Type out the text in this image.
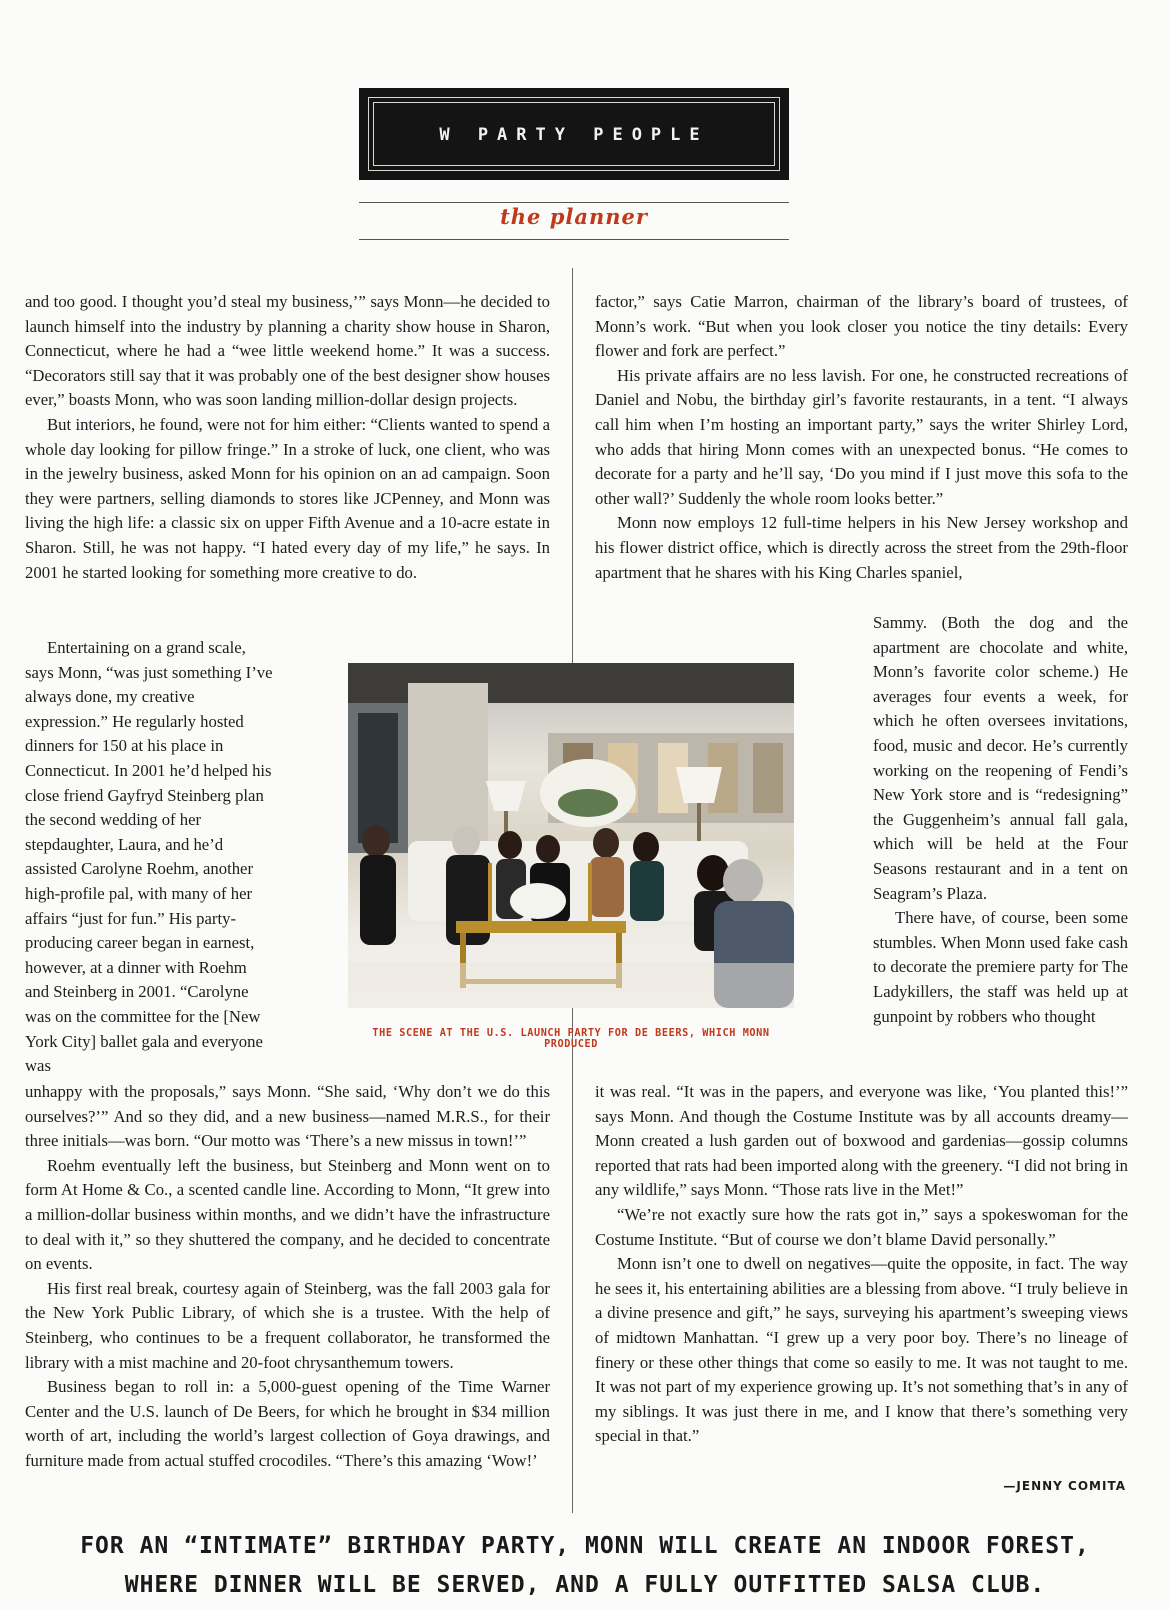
W PARTY PEOPLE
the planner

and too good. I thought you’d steal my business,’” says Monn—he decided to launch himself into the industry by planning a charity show house in Sharon, Connecticut, where he had a “wee little weekend home.” It was a success. “Decorators still say that it was probably one of the best designer show houses ever,” boasts Monn, who was soon landing million-dollar design projects.

But interiors, he found, were not for him either: “Clients wanted to spend a whole day looking for pillow fringe.” In a stroke of luck, one client, who was in the jewelry business, asked Monn for his opinion on an ad campaign. Soon they were partners, selling diamonds to stores like JCPenney, and Monn was living the high life: a classic six on upper Fifth Avenue and a 10-acre estate in Sharon. Still, he was not happy. “I hated every day of my life,” he says. In 2001 he started looking for something more creative to do.

Entertaining on a grand scale, says Monn, “was just something I’ve always done, my creative expression.” He regularly hosted dinners for 150 at his place in Connecticut. In 2001 he’d helped his close friend Gayfryd Steinberg plan the second wedding of her stepdaughter, Laura, and he’d assisted Carolyne Roehm, another high-profile pal, with many of her affairs “just for fun.” His party-producing career began in earnest, however, at a dinner with Roehm and Steinberg in 2001. “Carolyne was on the committee for the [New York City] ballet gala and everyone was

unhappy with the proposals,” says Monn. “She said, ‘Why don’t we do this ourselves?’” And so they did, and a new business—named M.R.S., for their three initials—was born. “Our motto was ‘There’s a new missus in town!’”

Roehm eventually left the business, but Steinberg and Monn went on to form At Home & Co., a scented candle line. According to Monn, “It grew into a million-dollar business within months, and we didn’t have the infrastructure to deal with it,” so they shuttered the company, and he decided to concentrate on events.

His first real break, courtesy again of Steinberg, was the fall 2003 gala for the New York Public Library, of which she is a trustee. With the help of Steinberg, who continues to be a frequent collaborator, he transformed the library with a mist machine and 20-foot chrysanthemum towers.

Business began to roll in: a 5,000-guest opening of the Time Warner Center and the U.S. launch of De Beers, for which he brought in $34 million worth of art, including the world’s largest collection of Goya drawings, and furniture made from actual stuffed crocodiles. “There’s this amazing ‘Wow!’

factor,” says Catie Marron, chairman of the library’s board of trustees, of Monn’s work. “But when you look closer you notice the tiny details: Every flower and fork are perfect.”

His private affairs are no less lavish. For one, he constructed recreations of Daniel and Nobu, the birthday girl’s favorite restaurants, in a tent. “I always call him when I’m hosting an important party,” says the writer Shirley Lord, who adds that hiring Monn comes with an unexpected bonus. “He comes to decorate for a party and he’ll say, ‘Do you mind if I just move this sofa to the other wall?’ Suddenly the whole room looks better.”

Monn now employs 12 full-time helpers in his New Jersey workshop and his flower district office, which is directly across the street from the 29th-floor apartment that he shares with his King Charles spaniel,

Sammy. (Both the dog and the apartment are chocolate and white, Monn’s favorite color scheme.) He averages four events a week, for which he often oversees invitations, food, music and decor. He’s currently working on the reopening of Fendi’s New York store and is “redesigning” the Guggenheim’s annual fall gala, which will be held at the Four Seasons restaurant and in a tent on Seagram’s Plaza.

There have, of course, been some stumbles. When Monn used fake cash to decorate the premiere party for The Ladykillers, the staff was held up at gunpoint by robbers who thought

it was real. “It was in the papers, and everyone was like, ‘You planted this!’” says Monn. And though the Costume Institute was by all accounts dreamy—Monn created a lush garden out of boxwood and gardenias—gossip columns reported that rats had been imported along with the greenery. “I did not bring in any wildlife,” says Monn. “Those rats live in the Met!”

“We’re not exactly sure how the rats got in,” says a spokeswoman for the Costume Institute. “But of course we don’t blame David personally.”

Monn isn’t one to dwell on negatives—quite the opposite, in fact. The way he sees it, his entertaining abilities are a blessing from above. “I truly believe in a divine presence and gift,” he says, surveying his apartment’s sweeping views of midtown Manhattan. “I grew up a very poor boy. There’s no lineage of finery or these other things that come so easily to me. It was not taught to me. It was not part of my experience growing up. It’s not something that’s in any of my siblings. It was just there in me, and I know that there’s something very special in that.”

THE SCENE AT THE U.S. LAUNCH PARTY FOR DE BEERS, WHICH MONN PRODUCED
—JENNY COMITA
FOR AN “INTIMATE” BIRTHDAY PARTY, MONN WILL CREATE AN INDOOR FOREST,
WHERE DINNER WILL BE SERVED, AND A FULLY OUTFITTED SALSA CLUB.
